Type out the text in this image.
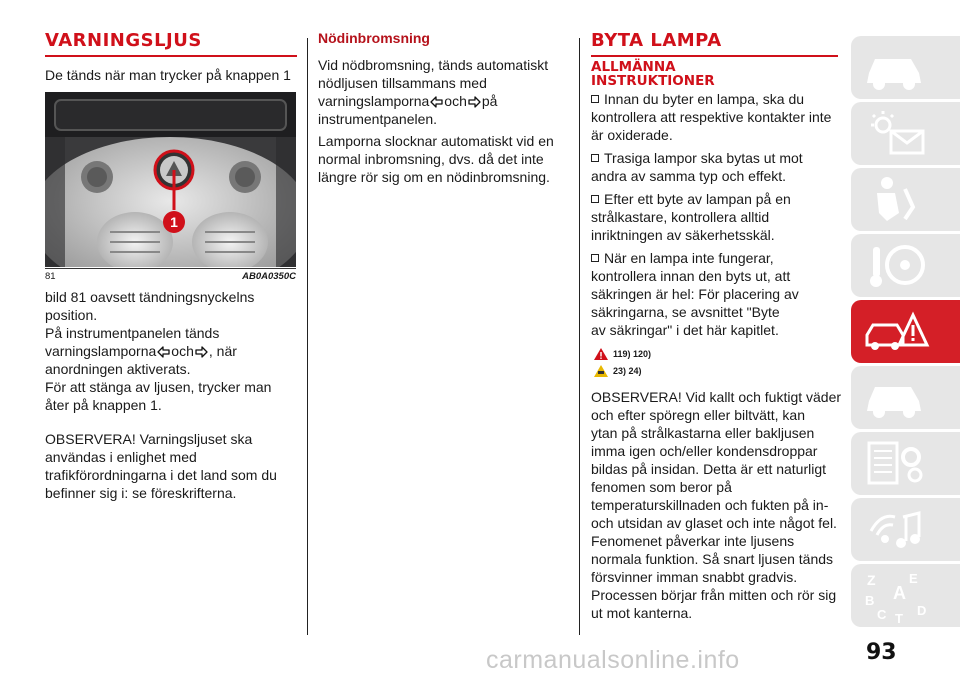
VARNINGSLJUS

De tänds när man trycker på knappen 1

1
81	AB0A0350C

bild 81 oavsett tändningsnyckelns

position.

På instrumentpanelen tänds

varningslamporna och , när

anordningen aktiverats.

För att stänga av ljusen, trycker man

åter på knappen 1.

OBSERVERA! Varningsljuset ska

användas i enlighet med

trafikförordningarna i det land som du

befinner sig i: se föreskrifterna.

Nödinbromsning

Vid nödbromsning, tänds automatiskt

nödljusen tillsammans med

varningslamporna och på

instrumentpanelen.

Lamporna slocknar automatiskt vid en

normal inbromsning, dvs. då det inte

längre rör sig om en nödinbromsning.

BYTA LAMPA
ALLMÄNNA
INSTRUKTIONER

Innan du byter en lampa, ska du

kontrollera att respektive kontakter inte

är oxiderade.

Trasiga lampor ska bytas ut mot

andra av samma typ och effekt.

Efter ett byte av lampan på en

strålkastare, kontrollera alltid

inriktningen av säkerhetsskäl.

När en lampa inte fungerar,

kontrollera innan den byts ut, att

säkringen är hel: För placering av

säkringarna, se avsnittet "Byte

av säkringar" i det här kapitlet.

119) 120)
23) 24)

OBSERVERA! Vid kallt och fuktigt väder

och efter spöregn eller biltvätt, kan

ytan på strålkastarna eller bakljusen

imma igen och/eller kondensdroppar

bildas på insidan. Detta är ett naturligt

fenomen som beror på

temperaturskillnaden och fukten på in-

och utsidan av glaset och inte något fel.

Fenomenet påverkar inte ljusens

normala funktion. Så snart ljusen tänds

försvinner imman snabbt gradvis.

Processen börjar från mitten och rör sig

ut mot kanterna.

Z	E
A
B
C D
T
93
carmanualsonline.info
